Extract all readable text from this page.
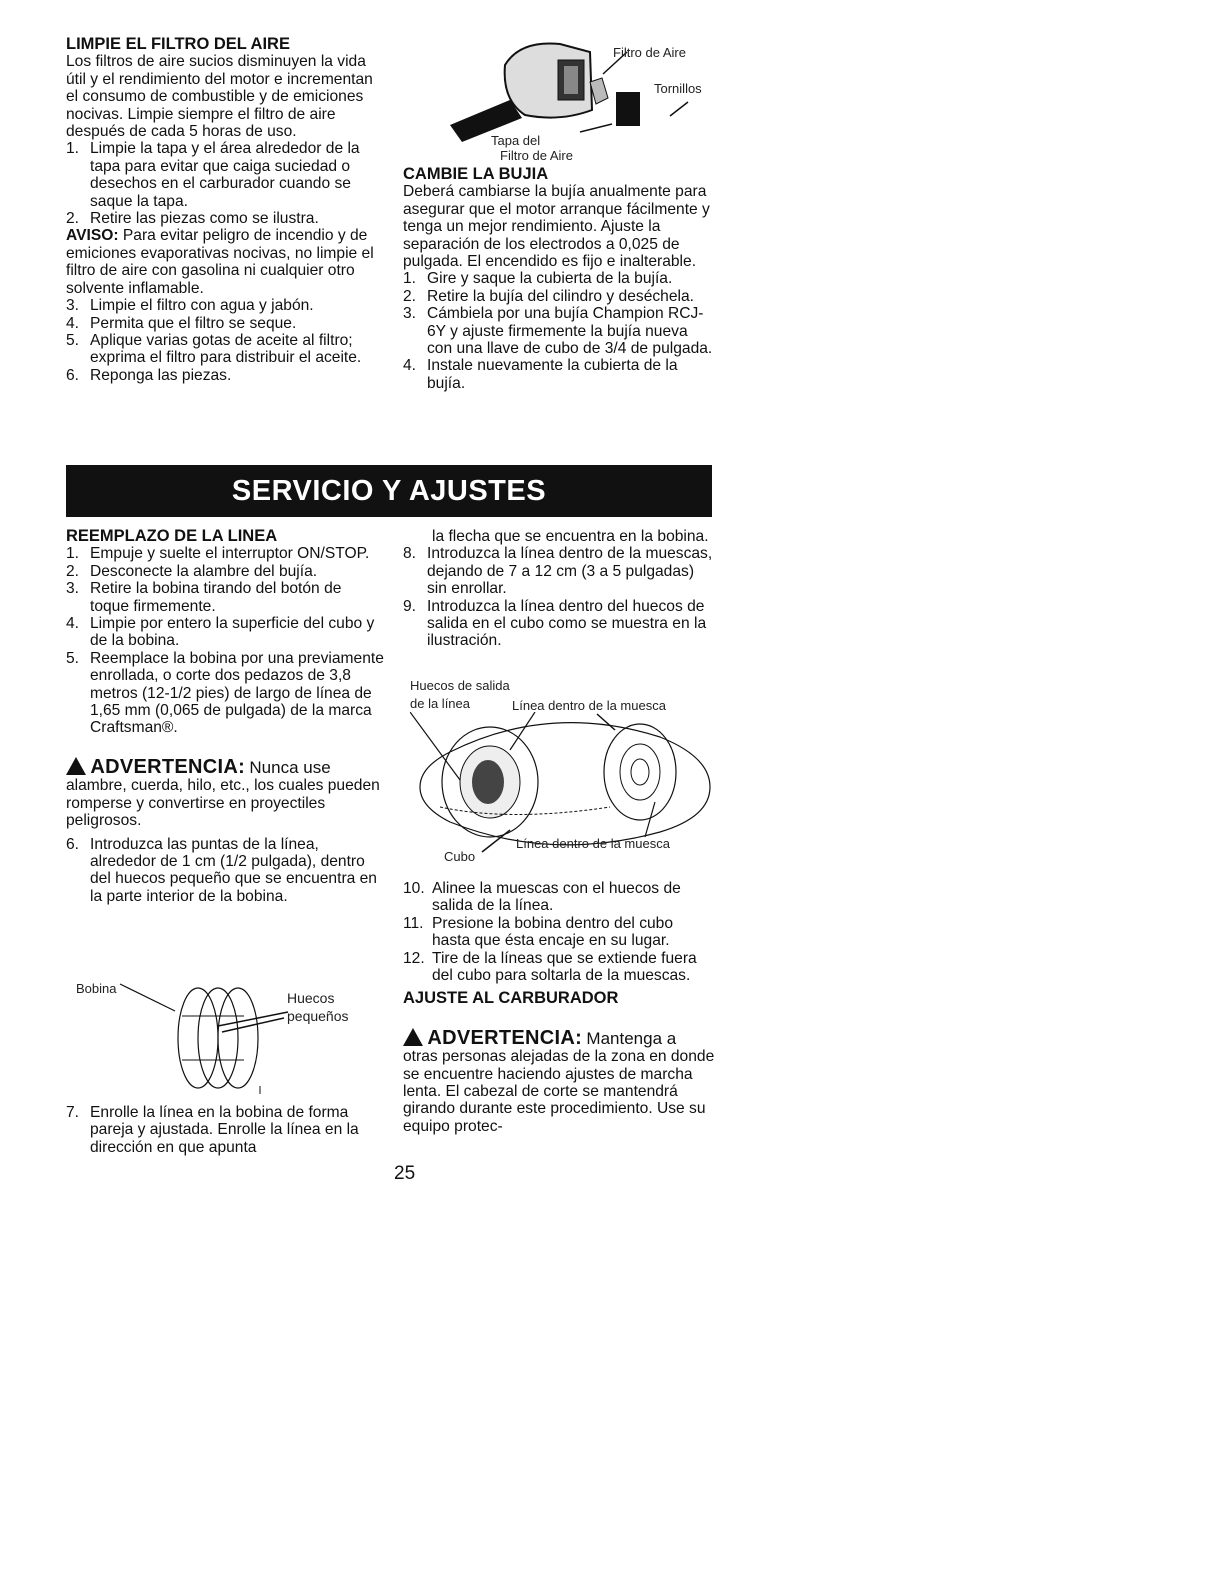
LIMPIE EL FILTRO DEL AIRE

Los filtros de aire sucios disminuyen la vida útil y el rendimiento del motor e incrementan el consumo de combustible y de emiciones nocivas. Limpie siempre el filtro de aire después de cada 5 horas de uso.

1. Limpie la tapa y el área alrededor de la tapa para evitar que caiga suciedad o desechos en el carburador cuando se saque la tapa.
2. Retire las piezas como se ilustra.

AVISO: Para evitar peligro de incendio y de emiciones evaporativas nocivas, no limpie el filtro de aire con gasolina ni cualquier otro solvente inflamable.

3. Limpie el filtro con agua y jabón.
4. Permita que el filtro se seque.
5. Aplique varias gotas de aceite al filtro; exprima el filtro para distribuir el aceite.
6. Reponga las piezas.
Filtro de Aire
Tornillos
Tapa del
Filtro de Aire

CAMBIE LA BUJIA

Deberá cambiarse la bujía anualmente para asegurar que el motor arranque fácilmente y tenga un mejor rendimiento. Ajuste la separación de los electrodos a 0,025 de pulgada. El encendido es fijo e inalterable.

1. Gire y saque la cubierta de la bujía.
2. Retire la bujía del cilindro y deséchela.
3. Cámbiela por una bujía Champion RCJ-6Y y ajuste firmemente la bujía nueva con una llave de cubo de 3/4 de pulgada.
4. Instale nuevamente la cubierta de la bujía.
SERVICIO Y AJUSTES

REEMPLAZO DE LA LINEA

1. Empuje y suelte el interruptor ON/STOP.
2. Desconecte la alambre del bujía.
3. Retire la bobina tirando del botón de toque firmemente.
4. Limpie por entero la superficie del cubo y de la bobina.
5. Reemplace la bobina por una previamente enrollada, o corte dos pedazos de 3,8 metros (12-1/2 pies) de largo de línea de 1,65 mm (0,065 de pulgada) de la marca Craftsman®.

ADVERTENCIA: Nunca use alambre, cuerda, hilo, etc., los cuales pueden romperse y convertirse en proyectiles peligrosos.

6. Introduzca las puntas de la línea, alrededor de 1 cm (1/2 pulgada), dentro del huecos pequeño que se encuentra en la parte interior de la bobina.
Bobina
Huecos
pequeños
7. Enrolle la línea en la bobina de forma pareja y ajustada. Enrolle la línea en la dirección en que apunta

la flecha que se encuentra en la bobina.

8. Introduzca la línea dentro de la muescas, dejando de 7 a 12 cm (3 a 5 pulgadas) sin enrollar.
9. Introduzca la línea dentro del huecos de salida en el cubo como se muestra en la ilustración.
Huecos de salida
de la línea	Línea dentro de la muesca
Cubo
Línea dentro de la muesca
10. Alinee la muescas con el huecos de salida de la línea.
11. Presione la bobina dentro del cubo hasta que ésta encaje en su lugar.
12. Tire de la líneas que se extiende fuera del cubo para soltarla de la muescas.

AJUSTE AL CARBURADOR

ADVERTENCIA: Mantenga a otras personas alejadas de la zona en donde se encuentre haciendo ajustes de marcha lenta. El cabezal de corte se mantendrá girando durante este procedimiento. Use su equipo protec-

25
